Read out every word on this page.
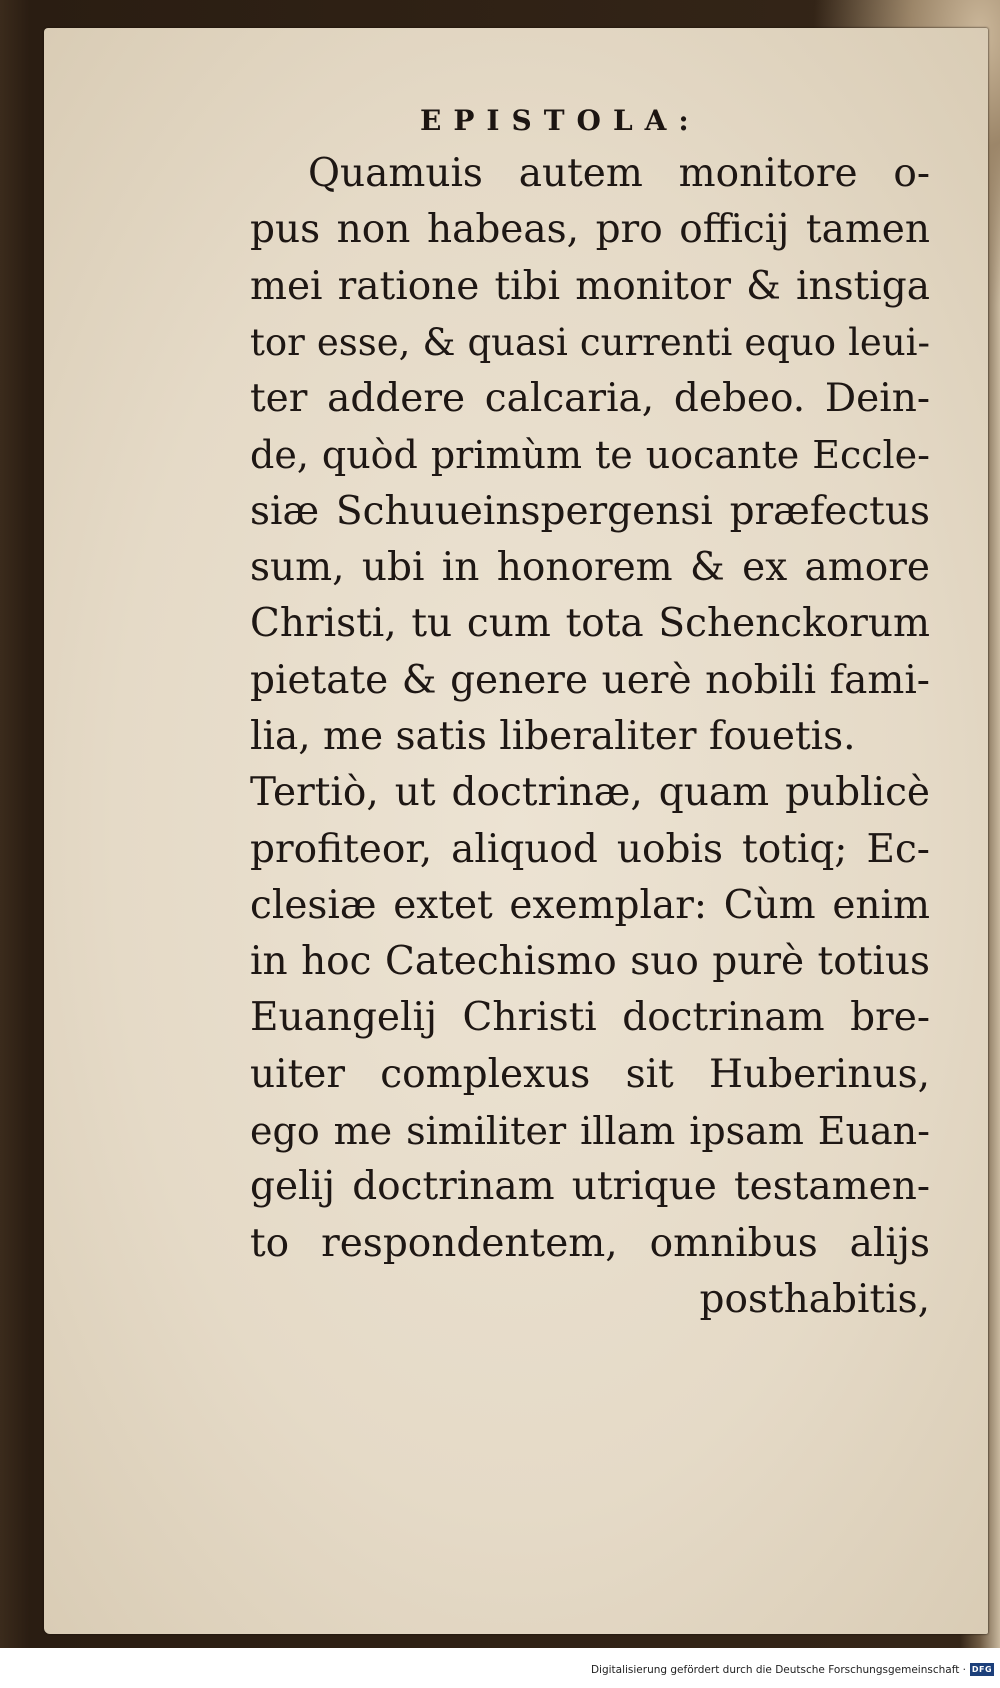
EPISTOLA:
Quamuis autem monitore o-
pus non habeas, pro officij tamen
mei ratione tibi monitor & instiga
tor esse, & quasi currenti equo leui-
ter addere calcaria, debeo. Dein-
de, quòd primùm te uocante Eccle-
siæ Schuueinspergensi præfectus
sum, ubi in honorem & ex amore
Christi, tu cum tota Schenckorum
pietate & genere uerè nobili fami-
lia, me satis liberaliter fouetis.
Tertiò, ut doctrinæ, quam publicè
profiteor, aliquod uobis totiq; Ec-
clesiæ extet exemplar: Cùm enim
in hoc Catechismo suo purè totius
Euangelij Christi doctrinam bre-
uiter complexus sit Huberinus,
ego me similiter illam ipsam Euan-
gelij doctrinam utrique testamen-
to respondentem, omnibus alijs
posthabitis,
Digitalisierung gefördert durch die Deutsche Forschungsgemeinschaft · DFG
